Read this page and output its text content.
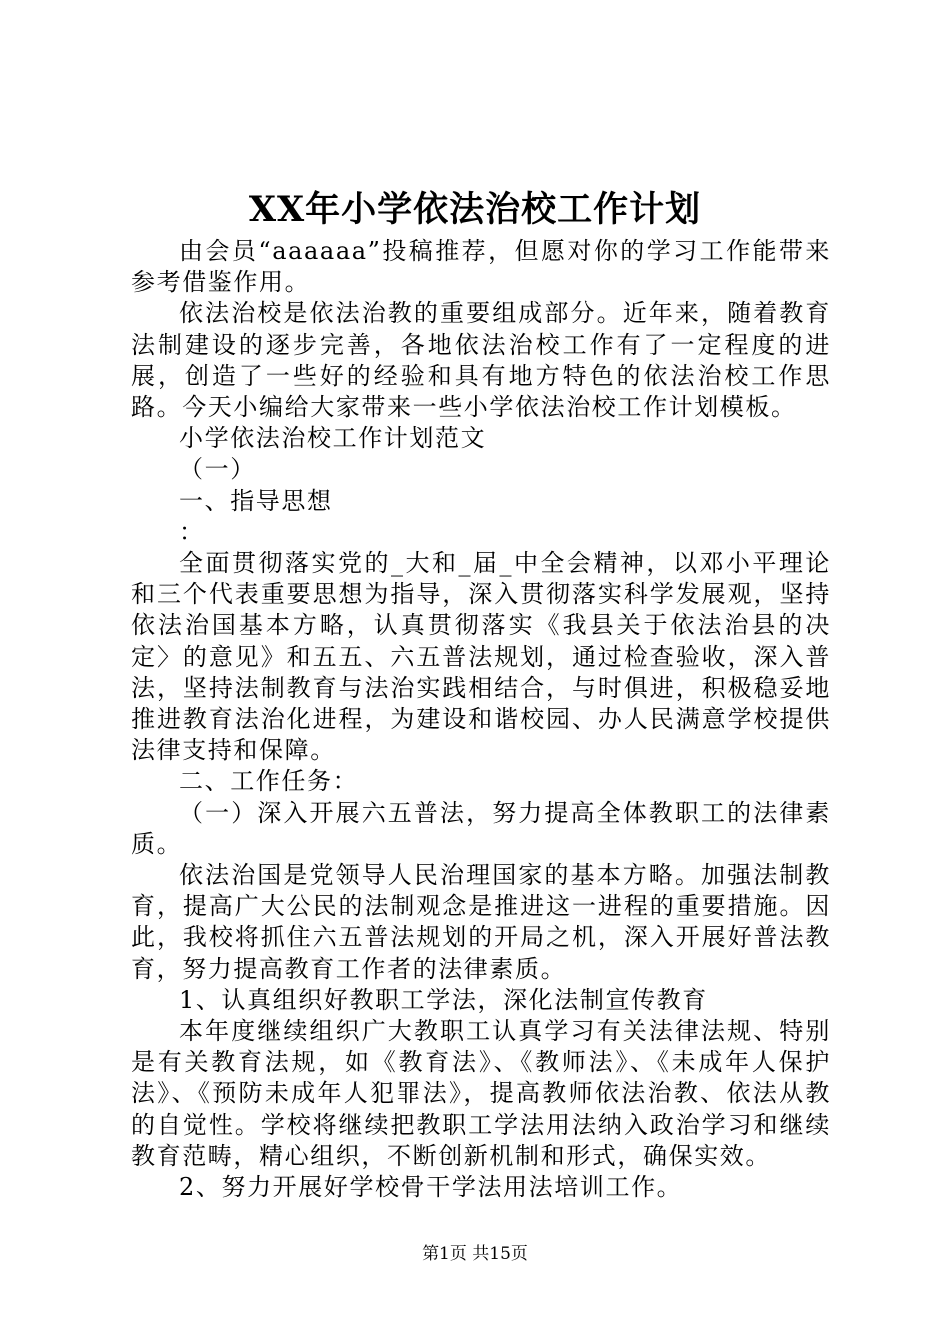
XX年小学依法治校工作计划

由会员“aaaaaa”投稿推荐，但愿对你的学习工作能带来参考借鉴作用。

依法治校是依法治教的重要组成部分。近年来，随着教育法制建设的逐步完善，各地依法治校工作有了一定程度的进展，创造了一些好的经验和具有地方特色的依法治校工作思路。今天小编给大家带来一些小学依法治校工作计划模板。

小学依法治校工作计划范文

（一）

一、指导思想

：

全面贯彻落实党的_大和_届_中全会精神，以邓小平理论和三个代表重要思想为指导，深入贯彻落实科学发展观，坚持依法治国基本方略，认真贯彻落实《我县关于依法治县的决定〉的意见》和五五、六五普法规划，通过检查验收，深入普法，坚持法制教育与法治实践相结合，与时俱进，积极稳妥地推进教育法治化进程，为建设和谐校园、办人民满意学校提供法律支持和保障。

二、工作任务：

（一）深入开展六五普法，努力提高全体教职工的法律素质。

依法治国是党领导人民治理国家的基本方略。加强法制教育，提高广大公民的法制观念是推进这一进程的重要措施。因此，我校将抓住六五普法规划的开局之机，深入开展好普法教育，努力提高教育工作者的法律素质。

1、认真组织好教职工学法，深化法制宣传教育

本年度继续组织广大教职工认真学习有关法律法规、特别是有关教育法规，如《教育法》、《教师法》、《未成年人保护法》、《预防未成年人犯罪法》，提高教师依法治教、依法从教的自觉性。学校将继续把教职工学法用法纳入政治学习和继续教育范畴，精心组织，不断创新机制和形式，确保实效。

2、努力开展好学校骨干学法用法培训工作。

第1页 共15页
